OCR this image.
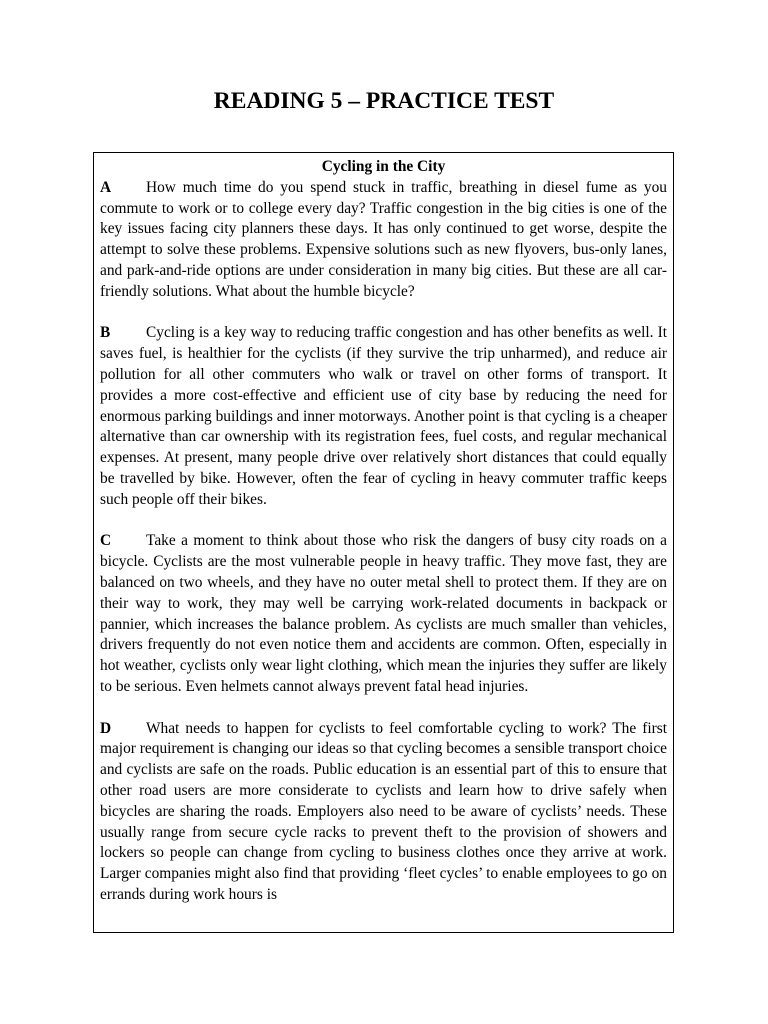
READING 5 – PRACTICE TEST

Cycling in the City

A How much time do you spend stuck in traffic, breathing in diesel fume as you commute to work or to college every day? Traffic congestion in the big cities is one of the key issues facing city planners these days. It has only continued to get worse, despite the attempt to solve these problems. Expensive solutions such as new flyovers, bus-only lanes, and park-and-ride options are under consideration in many big cities. But these are all car-friendly solutions. What about the humble bicycle?

B Cycling is a key way to reducing traffic congestion and has other benefits as well. It saves fuel, is healthier for the cyclists (if they survive the trip unharmed), and reduce air pollution for all other commuters who walk or travel on other forms of transport. It provides a more cost-effective and efficient use of city base by reducing the need for enormous parking buildings and inner motorways. Another point is that cycling is a cheaper alternative than car ownership with its registration fees, fuel costs, and regular mechanical expenses. At present, many people drive over relatively short distances that could equally be travelled by bike. However, often the fear of cycling in heavy commuter traffic keeps such people off their bikes.

C Take a moment to think about those who risk the dangers of busy city roads on a bicycle. Cyclists are the most vulnerable people in heavy traffic. They move fast, they are balanced on two wheels, and they have no outer metal shell to protect them. If they are on their way to work, they may well be carrying work-related documents in backpack or pannier, which increases the balance problem. As cyclists are much smaller than vehicles, drivers frequently do not even notice them and accidents are common. Often, especially in hot weather, cyclists only wear light clothing, which mean the injuries they suffer are likely to be serious. Even helmets cannot always prevent fatal head injuries.

D What needs to happen for cyclists to feel comfortable cycling to work? The first major requirement is changing our ideas so that cycling becomes a sensible transport choice and cyclists are safe on the roads. Public education is an essential part of this to ensure that other road users are more considerate to cyclists and learn how to drive safely when bicycles are sharing the roads. Employers also need to be aware of cyclists’ needs. These usually range from secure cycle racks to prevent theft to the provision of showers and lockers so people can change from cycling to business clothes once they arrive at work. Larger companies might also find that providing ‘fleet cycles’ to enable employees to go on errands during work hours is
